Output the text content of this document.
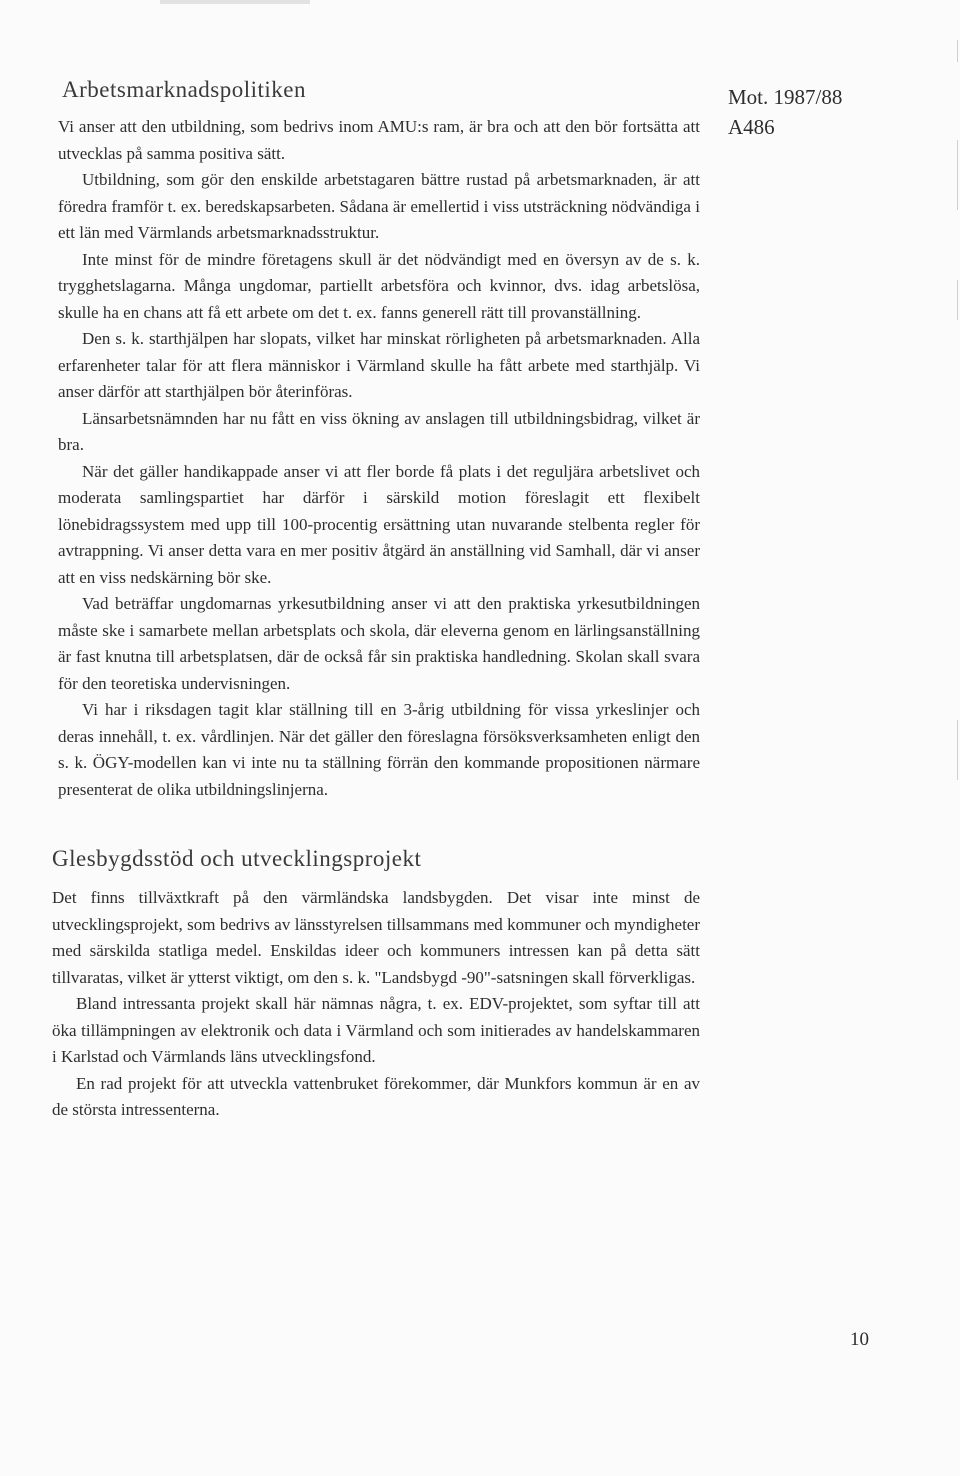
Arbetsmarknadspolitiken

Vi anser att den utbildning, som bedrivs inom AMU:s ram, är bra och att den bör fortsätta att utvecklas på samma positiva sätt.

Utbildning, som gör den enskilde arbetstagaren bättre rustad på arbetsmarknaden, är att föredra framför t. ex. beredskapsarbeten. Sådana är emellertid i viss utsträckning nödvändiga i ett län med Värmlands arbetsmarknadsstruktur.

Inte minst för de mindre företagens skull är det nödvändigt med en översyn av de s. k. trygghetslagarna. Många ungdomar, partiellt arbetsföra och kvinnor, dvs. idag arbetslösa, skulle ha en chans att få ett arbete om det t. ex. fanns generell rätt till provanställning.

Den s. k. starthjälpen har slopats, vilket har minskat rörligheten på arbetsmarknaden. Alla erfarenheter talar för att flera människor i Värmland skulle ha fått arbete med starthjälp. Vi anser därför att starthjälpen bör återinföras.

Länsarbetsnämnden har nu fått en viss ökning av anslagen till utbildningsbidrag, vilket är bra.

När det gäller handikappade anser vi att fler borde få plats i det reguljära arbetslivet och moderata samlingspartiet har därför i särskild motion föreslagit ett flexibelt lönebidragssystem med upp till 100-procentig ersättning utan nuvarande stelbenta regler för avtrappning. Vi anser detta vara en mer positiv åtgärd än anställning vid Samhall, där vi anser att en viss nedskärning bör ske.

Vad beträffar ungdomarnas yrkesutbildning anser vi att den praktiska yrkesutbildningen måste ske i samarbete mellan arbetsplats och skola, där eleverna genom en lärlingsanställning är fast knutna till arbetsplatsen, där de också får sin praktiska handledning. Skolan skall svara för den teoretiska undervisningen.

Vi har i riksdagen tagit klar ställning till en 3-årig utbildning för vissa yrkeslinjer och deras innehåll, t. ex. vårdlinjen. När det gäller den föreslagna försöksverksamheten enligt den s. k. ÖGY-modellen kan vi inte nu ta ställning förrän den kommande propositionen närmare presenterat de olika utbildningslinjerna.

Glesbygdsstöd och utvecklingsprojekt

Det finns tillväxtkraft på den värmländska landsbygden. Det visar inte minst de utvecklingsprojekt, som bedrivs av länsstyrelsen tillsammans med kommuner och myndigheter med särskilda statliga medel. Enskildas ideer och kommuners intressen kan på detta sätt tillvaratas, vilket är ytterst viktigt, om den s. k. "Landsbygd -90"-satsningen skall förverkligas.

Bland intressanta projekt skall här nämnas några, t. ex. EDV-projektet, som syftar till att öka tillämpningen av elektronik och data i Värmland och som initierades av handelskammaren i Karlstad och Värmlands läns utvecklingsfond.

En rad projekt för att utveckla vattenbruket förekommer, där Munkfors kommun är en av de största intressenterna.

Mot. 1987/88
A486
10
